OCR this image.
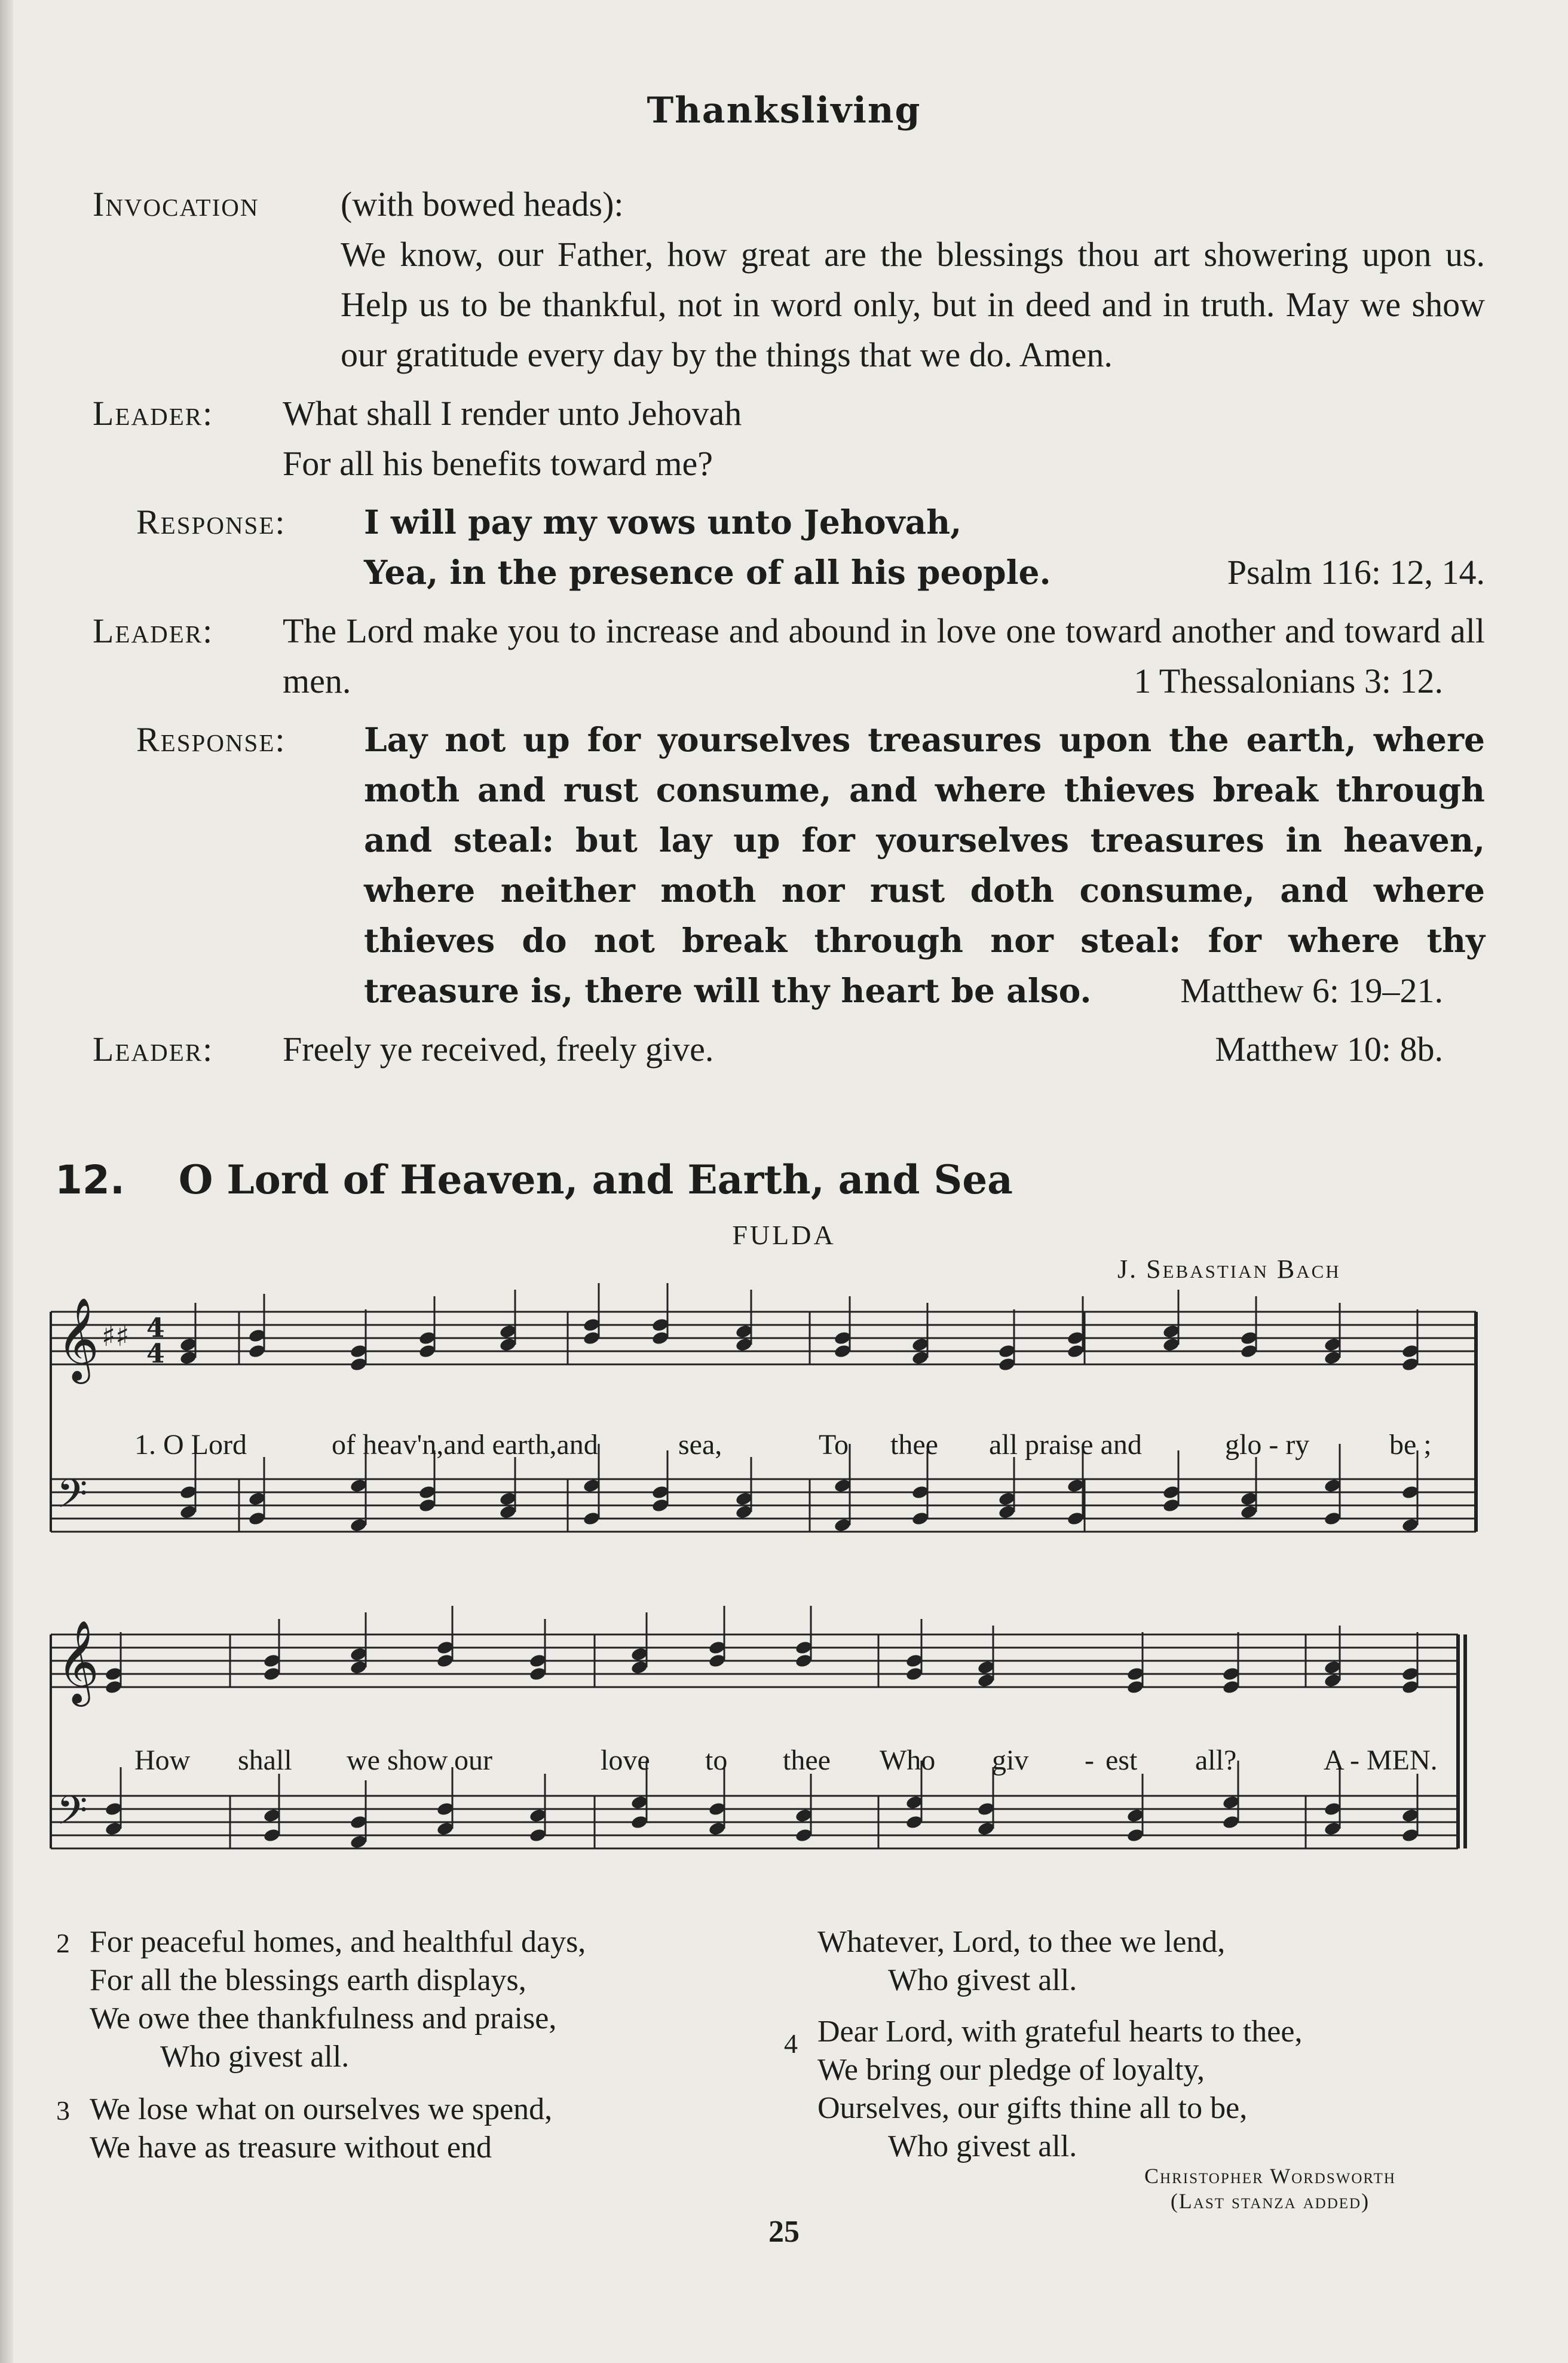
Thanksliving
Invocation	(with bowed heads):
We know, our Father, how great are the blessings thou art showering upon us. Help us to be thankful, not in word only, but in deed and in truth. May we show our gratitude every day by the things that we do. Amen.
Leader:	What shall I render unto Jehovah
For all his benefits toward me?
Response:	I will pay my vows unto Jehovah,
Yea, in the presence of all his people.	Psalm 116: 12, 14.
Leader:	The Lord make you to increase and abound in love one toward another and toward all men.	1 Thessalonians 3: 12.
Response:	Lay not up for yourselves treasures upon the earth, where moth and rust consume, and where thieves break through and steal: but lay up for yourselves treasures in heaven, where neither moth nor rust doth consume, and where thieves do not break through nor steal: for where thy treasure is, there will thy heart be also.	Matthew 6: 19–21.
Leader:	Freely ye received, freely give.	Matthew 10: 8b.
12. O Lord of Heaven, and Earth, and Sea
FULDA
J. Sebastian Bach
𝄞
𝄢
𝄞
𝄢
♯♯ 4
4
1. O Lord	of heav'n,and earth,and	sea,	To thee all praise and	glo - ry	be ;
How shall we show our	love to thee Who giv - est all?	A - MEN.
2 For peaceful homes, and healthful days,
For all the blessings earth displays,
We owe thee thankfulness and praise,
Who givest all.
3 We lose what on ourselves we spend,
We have as treasure without end
Whatever, Lord, to thee we lend,
Who givest all.
4 Dear Lord, with grateful hearts to thee,
We bring our pledge of loyalty,
Ourselves, our gifts thine all to be,
Who givest all.
Christopher Wordsworth
(Last stanza added)
25
